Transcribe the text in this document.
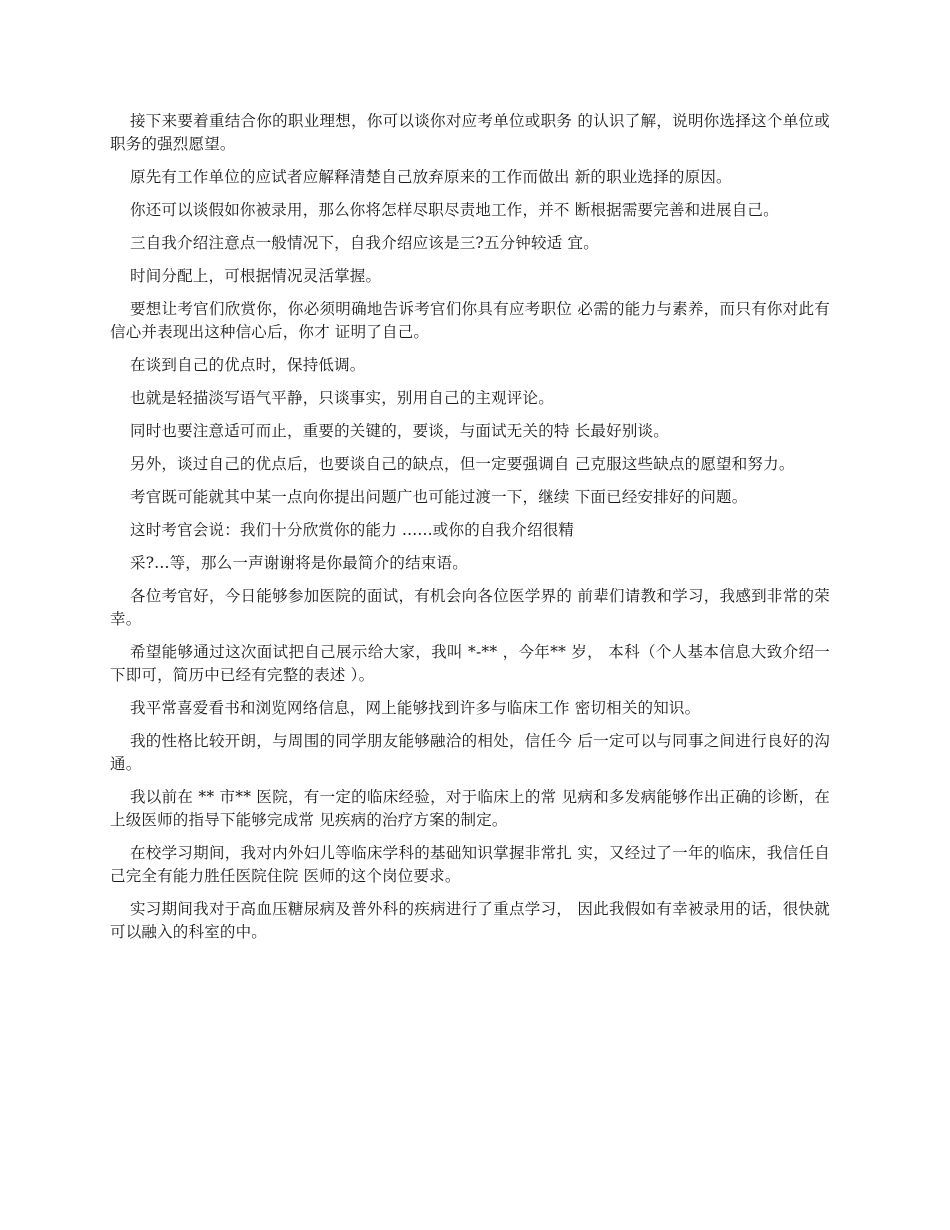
接下来要着重结合你的职业理想，你可以谈你对应考单位或职务 的认识了解，说明你选择这个单位或职务的强烈愿望。

原先有工作单位的应试者应解释清楚自己放弃原来的工作而做出 新的职业选择的原因。

你还可以谈假如你被录用，那么你将怎样尽职尽责地工作，并不 断根据需要完善和进展自己。

三自我介绍注意点一般情况下，自我介绍应该是三?五分钟较适 宜。

时间分配上，可根据情况灵活掌握。

要想让考官们欣赏你，你必须明确地告诉考官们你具有应考职位 必需的能力与素养，而只有你对此有信心并表现出这种信心后，你才 证明了自己。

在谈到自己的优点时，保持低调。

也就是轻描淡写语气平静，只谈事实，别用自己的主观评论。

同时也要注意适可而止，重要的关键的，要谈，与面试无关的特 长最好别谈。

另外，谈过自己的优点后，也要谈自己的缺点，但一定要强调自 己克服这些缺点的愿望和努力。

考官既可能就其中某一点向你提出问题广也可能过渡一下，继续 下面已经安排好的问题。

这时考官会说：我们十分欣赏你的能力 ......或你的自我介绍很精

采?...等，那么一声谢谢将是你最简介的结束语。

各位考官好，今日能够参加医院的面试，有机会向各位医学界的 前辈们请教和学习，我感到非常的荣幸。

希望能够通过这次面试把自己展示给大家，我叫 *-** ，今年** 岁， 本科（个人基本信息大致介绍一下即可，简历中已经有完整的表述 ）。

我平常喜爱看书和浏览网络信息，网上能够找到许多与临床工作 密切相关的知识。

我的性格比较开朗，与周围的同学朋友能够融洽的相处，信任今 后一定可以与同事之间进行良好的沟通。

我以前在 ** 市** 医院，有一定的临床经验，对于临床上的常 见病和多发病能够作出正确的诊断，在上级医师的指导下能够完成常 见疾病的治疗方案的制定。

在校学习期间，我对内外妇儿等临床学科的基础知识掌握非常扎 实，又经过了一年的临床，我信任自己完全有能力胜任医院住院 医师的这个岗位要求。

实习期间我对于高血压糖尿病及普外科的疾病进行了重点学习， 因此我假如有幸被录用的话，很快就可以融入的科室的中。
